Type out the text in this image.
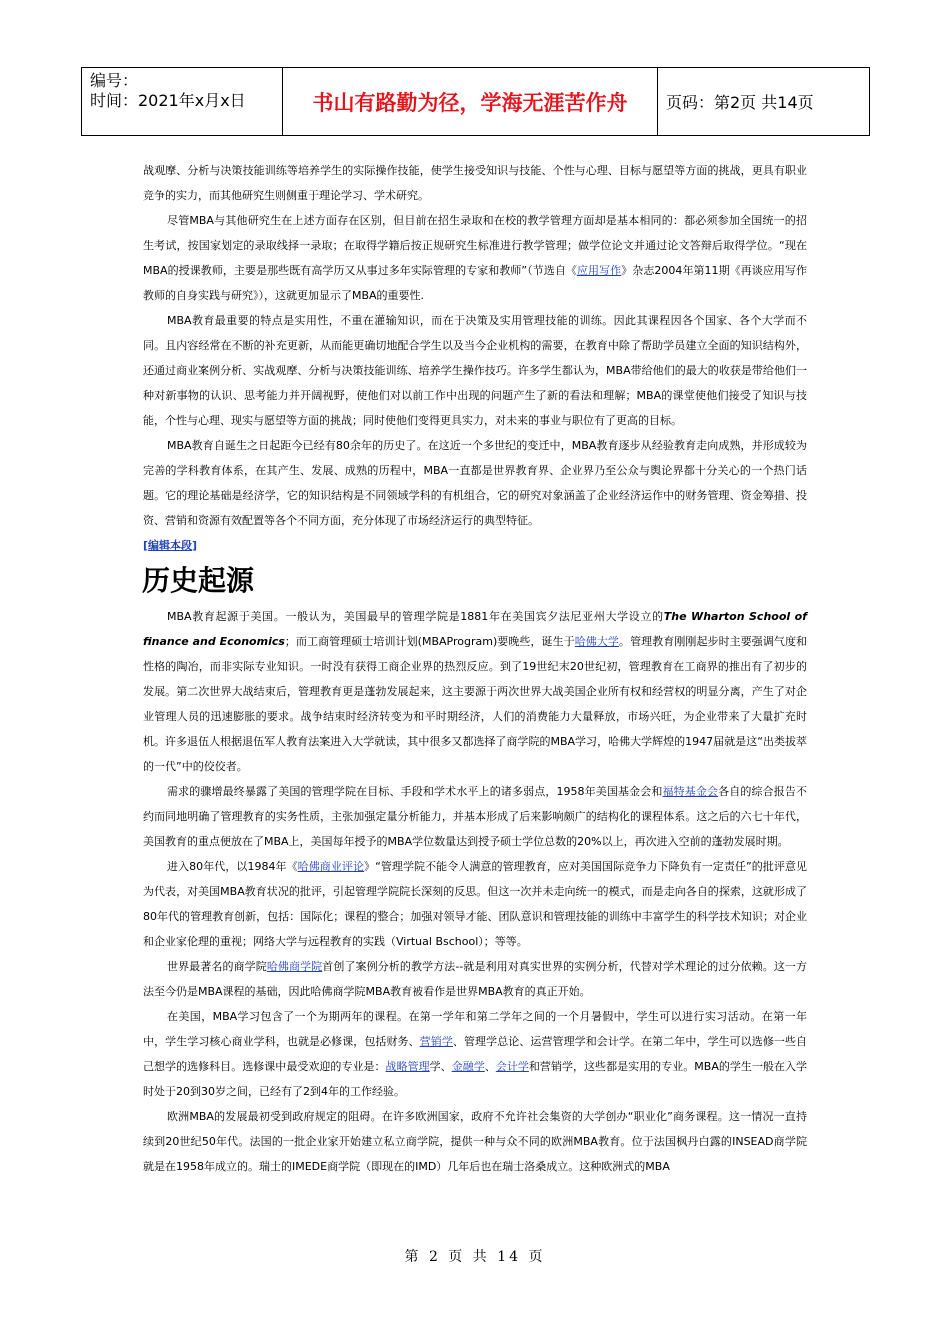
编号：
时间：2021年x月x日	书山有路勤为径，学海无涯苦作舟	页码：第2页 共14页

战观摩、分析与决策技能训练等培养学生的实际操作技能，使学生接受知识与技能、个性与心理、目标与愿望等方面的挑战，更具有职业竞争的实力，而其他研究生则侧重于理论学习、学术研究。

尽管MBA与其他研究生在上述方面存在区别，但目前在招生录取和在校的教学管理方面却是基本相同的：都必须参加全国统一的招生考试，按国家划定的录取线择一录取；在取得学籍后按正规研究生标准进行教学管理；做学位论文并通过论文答辩后取得学位。“现在MBA的授课教师，主要是那些既有高学历又从事过多年实际管理的专家和教师”（节选自《应用写作》杂志2004年第11期《再谈应用写作教师的自身实践与研究》），这就更加显示了MBA的重要性.

MBA教育最重要的特点是实用性，不重在灌输知识，而在于决策及实用管理技能的训练。因此其课程因各个国家、各个大学而不同。且内容经常在不断的补充更新，从而能更确切地配合学生以及当今企业机构的需要，在教育中除了帮助学员建立全面的知识结构外，还通过商业案例分析、实战观摩、分析与决策技能训练、培养学生操作技巧。许多学生都认为，MBA带给他们的最大的收获是带给他们一种对新事物的认识、思考能力并开阔视野，使他们对以前工作中出现的问题产生了新的看法和理解；MBA的课堂使他们接受了知识与技能，个性与心理、现实与愿望等方面的挑战；同时使他们变得更具实力，对未来的事业与职位有了更高的目标。

MBA教育自诞生之日起距今已经有80余年的历史了。在这近一个多世纪的变迁中，MBA教育逐步从经验教育走向成熟，并形成较为完善的学科教育体系，在其产生、发展、成熟的历程中，MBA一直都是世界教育界、企业界乃至公众与舆论界都十分关心的一个热门话题。它的理论基础是经济学，它的知识结构是不同领域学科的有机组合，它的研究对象涵盖了企业经济运作中的财务管理、资金筹措、投资、营销和资源有效配置等各个不同方面，充分体现了市场经济运行的典型特征。

[编辑本段]

历史起源

MBA教育起源于美国。一般认为，美国最早的管理学院是1881年在美国宾夕法尼亚州大学设立的The Wharton School of finance and Economics；而工商管理硕士培训计划(MBAProgram)要晚些，诞生于哈佛大学。管理教育刚刚起步时主要强调气度和性格的陶冶，而非实际专业知识。一时没有获得工商企业界的热烈反应。到了19世纪末20世纪初，管理教育在工商界的推出有了初步的发展。第二次世界大战结束后，管理教育更是蓬勃发展起来，这主要源于两次世界大战美国企业所有权和经营权的明显分离，产生了对企业管理人员的迅速膨胀的要求。战争结束时经济转变为和平时期经济，人们的消费能力大量释放，市场兴旺，为企业带来了大量扩充时机。许多退伍人根据退伍军人教育法案进入大学就读，其中很多又都选择了商学院的MBA学习，哈佛大学辉煌的1947届就是这“出类拔萃的一代”中的佼佼者。

需求的骤增最终暴露了美国的管理学院在目标、手段和学术水平上的诸多弱点，1958年美国基金会和福特基金会各自的综合报告不约而同地明确了管理教育的实务性质，主张加强定量分析能力，并基本形成了后来影响颇广的结构化的课程体系。这之后的六七十年代，美国教育的重点便放在了MBA上，美国每年授予的MBA学位数量达到授予硕士学位总数的20%以上，再次进入空前的蓬勃发展时期。

进入80年代，以1984年《哈佛商业评论》“管理学院不能令人满意的管理教育，应对美国国际竞争力下降负有一定责任”的批评意见为代表，对美国MBA教育状况的批评，引起管理学院院长深刻的反思。但这一次并未走向统一的模式，而是走向各自的探索，这就形成了80年代的管理教育创新，包括：国际化；课程的整合；加强对领导才能、团队意识和管理技能的训练中丰富学生的科学技术知识；对企业和企业家伦理的重视；网络大学与远程教育的实践（Virtual Bschool）；等等。

世界最著名的商学院哈佛商学院首创了案例分析的教学方法--就是利用对真实世界的实例分析，代替对学术理论的过分依赖。这一方法至今仍是MBA课程的基础，因此哈佛商学院MBA教育被看作是世界MBA教育的真正开始。

在美国，MBA学习包含了一个为期两年的课程。在第一学年和第二学年之间的一个月暑假中，学生可以进行实习活动。在第一年中，学生学习核心商业学科，也就是必修课，包括财务、营销学、管理学总论、运营管理学和会计学。在第二年中，学生可以选修一些自己想学的选修科目。选修课中最受欢迎的专业是：战略管理学、金融学、会计学和营销学，这些都是实用的专业。MBA的学生一般在入学时处于20到30岁之间，已经有了2到4年的工作经验。

欧洲MBA的发展最初受到政府规定的阻碍。在许多欧洲国家，政府不允许社会集资的大学创办“职业化”商务课程。这一情况一直持续到20世纪50年代。法国的一批企业家开始建立私立商学院，提供一种与众不同的欧洲MBA教育。位于法国枫丹白露的INSEAD商学院就是在1958年成立的。瑞士的IMEDE商学院（即现在的IMD）几年后也在瑞士洛桑成立。这种欧洲式的MBA

第 2 页 共 14 页
